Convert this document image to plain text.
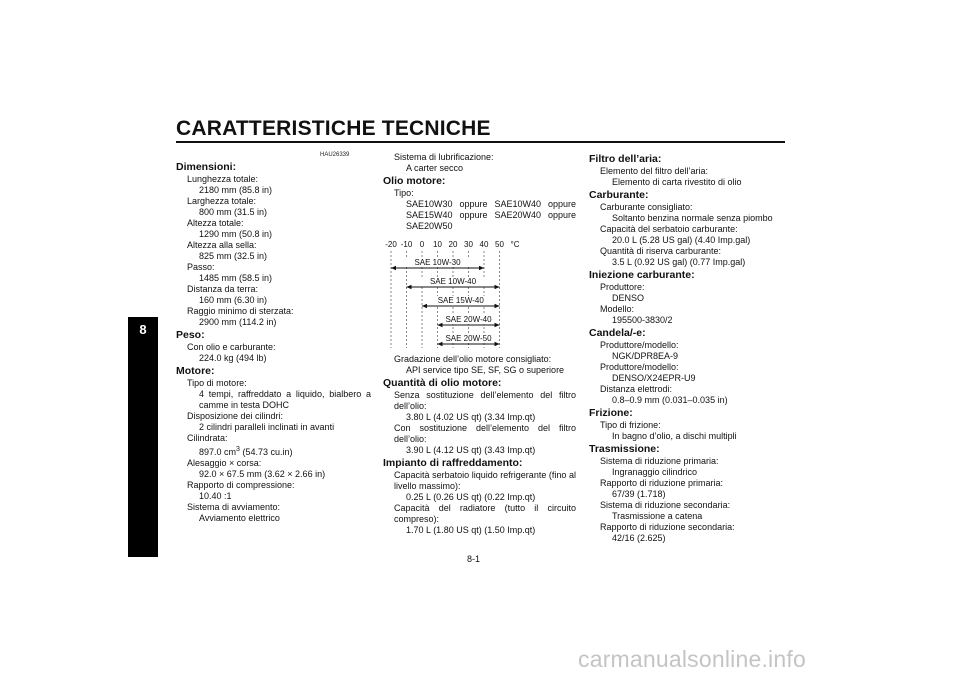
CARATTERISTICHE TECNICHE
8
HAU26339
Dimensioni:
Lunghezza totale:
2180 mm (85.8 in)
Larghezza totale:
800 mm (31.5 in)
Altezza totale:
1290 mm (50.8 in)
Altezza alla sella:
825 mm (32.5 in)
Passo:
1485 mm (58.5 in)
Distanza da terra:
160 mm (6.30 in)
Raggio minimo di sterzata:
2900 mm (114.2 in)
Peso:
Con olio e carburante:
224.0 kg (494 lb)
Motore:
Tipo di motore:
4 tempi, raffreddato a liquido, bialbero a camme in testa DOHC
Disposizione dei cilindri:
2 cilindri paralleli inclinati in avanti
Cilindrata:
897.0 $cm^3$ (54.73 cu.in)
Alesaggio × corsa:
92.0 × 67.5 mm (3.62 × 2.66 in)
Rapporto di compressione:
10.40 :1
Sistema di avviamento:
Avviamento elettrico
Sistema di lubrificazione:
A carter secco
Olio motore:
Tipo:
SAE10W30 oppure SAE10W40 oppure SAE15W40 oppure SAE20W40 oppure SAE20W50
-20 -10 0 10 20 30 40 50 °C
SAE 10W-30
SAE 10W-40
SAE 15W-40
SAE 20W-40
SAE 20W-50
Gradazione dell’olio motore consigliato:
API service tipo SE, SF, SG o superiore
Quantità di olio motore:
Senza sostituzione dell’elemento del filtro dell’olio:
3.80 L (4.02 US qt) (3.34 Imp.qt)
Con sostituzione dell’elemento del filtro dell’olio:
3.90 L (4.12 US qt) (3.43 Imp.qt)
Impianto di raffreddamento:
Capacità serbatoio liquido refrigerante (fino al livello massimo):
0.25 L (0.26 US qt) (0.22 Imp.qt)
Capacità del radiatore (tutto il circuito compreso):
1.70 L (1.80 US qt) (1.50 Imp.qt)
Filtro dell’aria:
Elemento del filtro dell’aria:
Elemento di carta rivestito di olio
Carburante:
Carburante consigliato:
Soltanto benzina normale senza piombo
Capacità del serbatoio carburante:
20.0 L (5.28 US gal) (4.40 Imp.gal)
Quantità di riserva carburante:
3.5 L (0.92 US gal) (0.77 Imp.gal)
Iniezione carburante:
Produttore:
DENSO
Modello:
195500-3830/2
Candela/-e:
Produttore/modello:
NGK/DPR8EA-9
Produttore/modello:
DENSO/X24EPR-U9
Distanza elettrodi:
0.8–0.9 mm (0.031–0.035 in)
Frizione:
Tipo di frizione:
In bagno d’olio, a dischi multipli
Trasmissione:
Sistema di riduzione primaria:
Ingranaggio cilindrico
Rapporto di riduzione primaria:
67/39 (1.718)
Sistema di riduzione secondaria:
Trasmissione a catena
Rapporto di riduzione secondaria:
42/16 (2.625)
8-1
carmanualsonline.info
